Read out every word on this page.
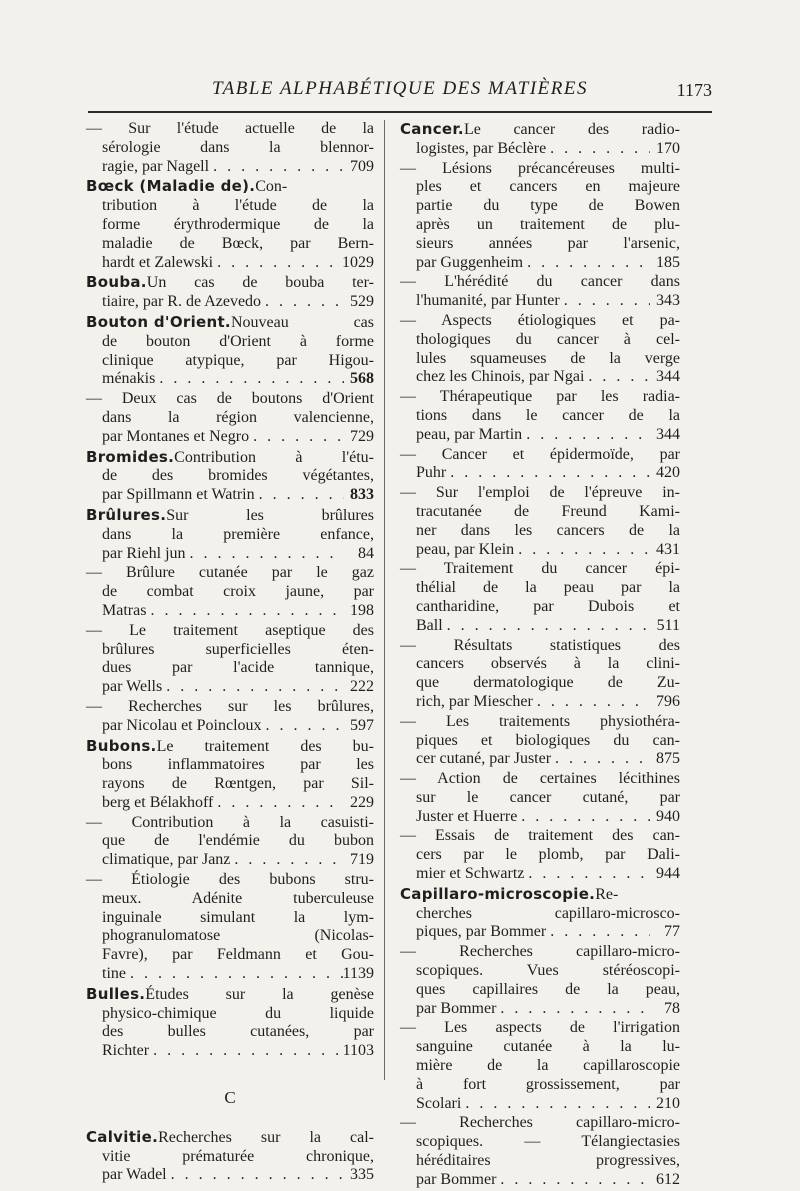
TABLE ALPHABÉTIQUE DES MATIÈRES	1173
— Sur l'étude actuelle de la
sérologie dans la blennor-
ragie, par Nagell . . .	709
Bœck (Maladie de). Con-
tribution à l'étude de la
forme érythrodermique de la
maladie de Bœck, par Bern-
hardt et Zalewski . . .	1029
Bouba. Un cas de bouba ter-
tiaire, par R. de Azevedo . . .	529
Bouton d'Orient. Nouveau cas
de bouton d'Orient à forme
clinique atypique, par Higou-
ménakis . . .	568
— Deux cas de boutons d'Orient
dans la région valencienne,
par Montanes et Negro . . .	729
Bromides. Contribution à l'étu-
de des bromides végétantes,
par Spillmann et Watrin . . .	833
Brûlures. Sur les brûlures
dans la première enfance,
par Riehl jun . . .	84
— Brûlure cutanée par le gaz
de combat croix jaune, par
Matras . . .	198
— Le traitement aseptique des
brûlures superficielles éten-
dues par l'acide tannique,
par Wells . . .	222
— Recherches sur les brûlures,
par Nicolau et Poincloux . . .	597
Bubons. Le traitement des bu-
bons inflammatoires par les
rayons de Rœntgen, par Sil-
berg et Bélakhoff . . .	229
— Contribution à la casuisti-
que de l'endémie du bubon
climatique, par Janz . . .	719
— Étiologie des bubons stru-
meux. Adénite tuberculeuse
inguinale simulant la lym-
phogranulomatose (Nicolas-
Favre), par Feldmann et Gou-
tine . . .	1139
Bulles. Études sur la genèse
physico-chimique du liquide
des bulles cutanées, par
Richter . . .	1103
C
Calvitie. Recherches sur la cal-
vitie prématurée chronique,
par Wadel . . .	335
Cancer. Le cancer des radio-
logistes, par Béclère . . .	170
— Lésions précancéreuses multi-
ples et cancers en majeure
partie du type de Bowen
après un traitement de plu-
sieurs années par l'arsenic,
par Guggenheim . . .	185
— L'hérédité du cancer dans
l'humanité, par Hunter . . .	343
— Aspects étiologiques et pa-
thologiques du cancer à cel-
lules squameuses de la verge
chez les Chinois, par Ngai . . .	344
— Thérapeutique par les radia-
tions dans le cancer de la
peau, par Martin . . .	344
— Cancer et épidermoïde, par
Puhr . . .	420
— Sur l'emploi de l'épreuve in-
tracutanée de Freund Kami-
ner dans les cancers de la
peau, par Klein . . .	431
— Traitement du cancer épi-
thélial de la peau par la
cantharidine, par Dubois et
Ball . . .	511
— Résultats statistiques des
cancers observés à la clini-
que dermatologique de Zu-
rich, par Miescher . . .	796
— Les traitements physiothéra-
piques et biologiques du can-
cer cutané, par Juster . . .	875
— Action de certaines lécithines
sur le cancer cutané, par
Juster et Huerre . . .	940
— Essais de traitement des can-
cers par le plomb, par Dali-
mier et Schwartz . . .	944
Capillaro-microscopie. Re-
cherches capillaro-microsco-
piques, par Bommer . . .	77
— Recherches capillaro-micro-
scopiques. Vues stéréoscopi-
ques capillaires de la peau,
par Bommer . . .	78
— Les aspects de l'irrigation
sanguine cutanée à la lu-
mière de la capillaroscopie
à fort grossissement, par
Scolari . . .	210
— Recherches capillaro-micro-
scopiques. — Télangiectasies
héréditaires progressives,
par Bommer . . .	612
